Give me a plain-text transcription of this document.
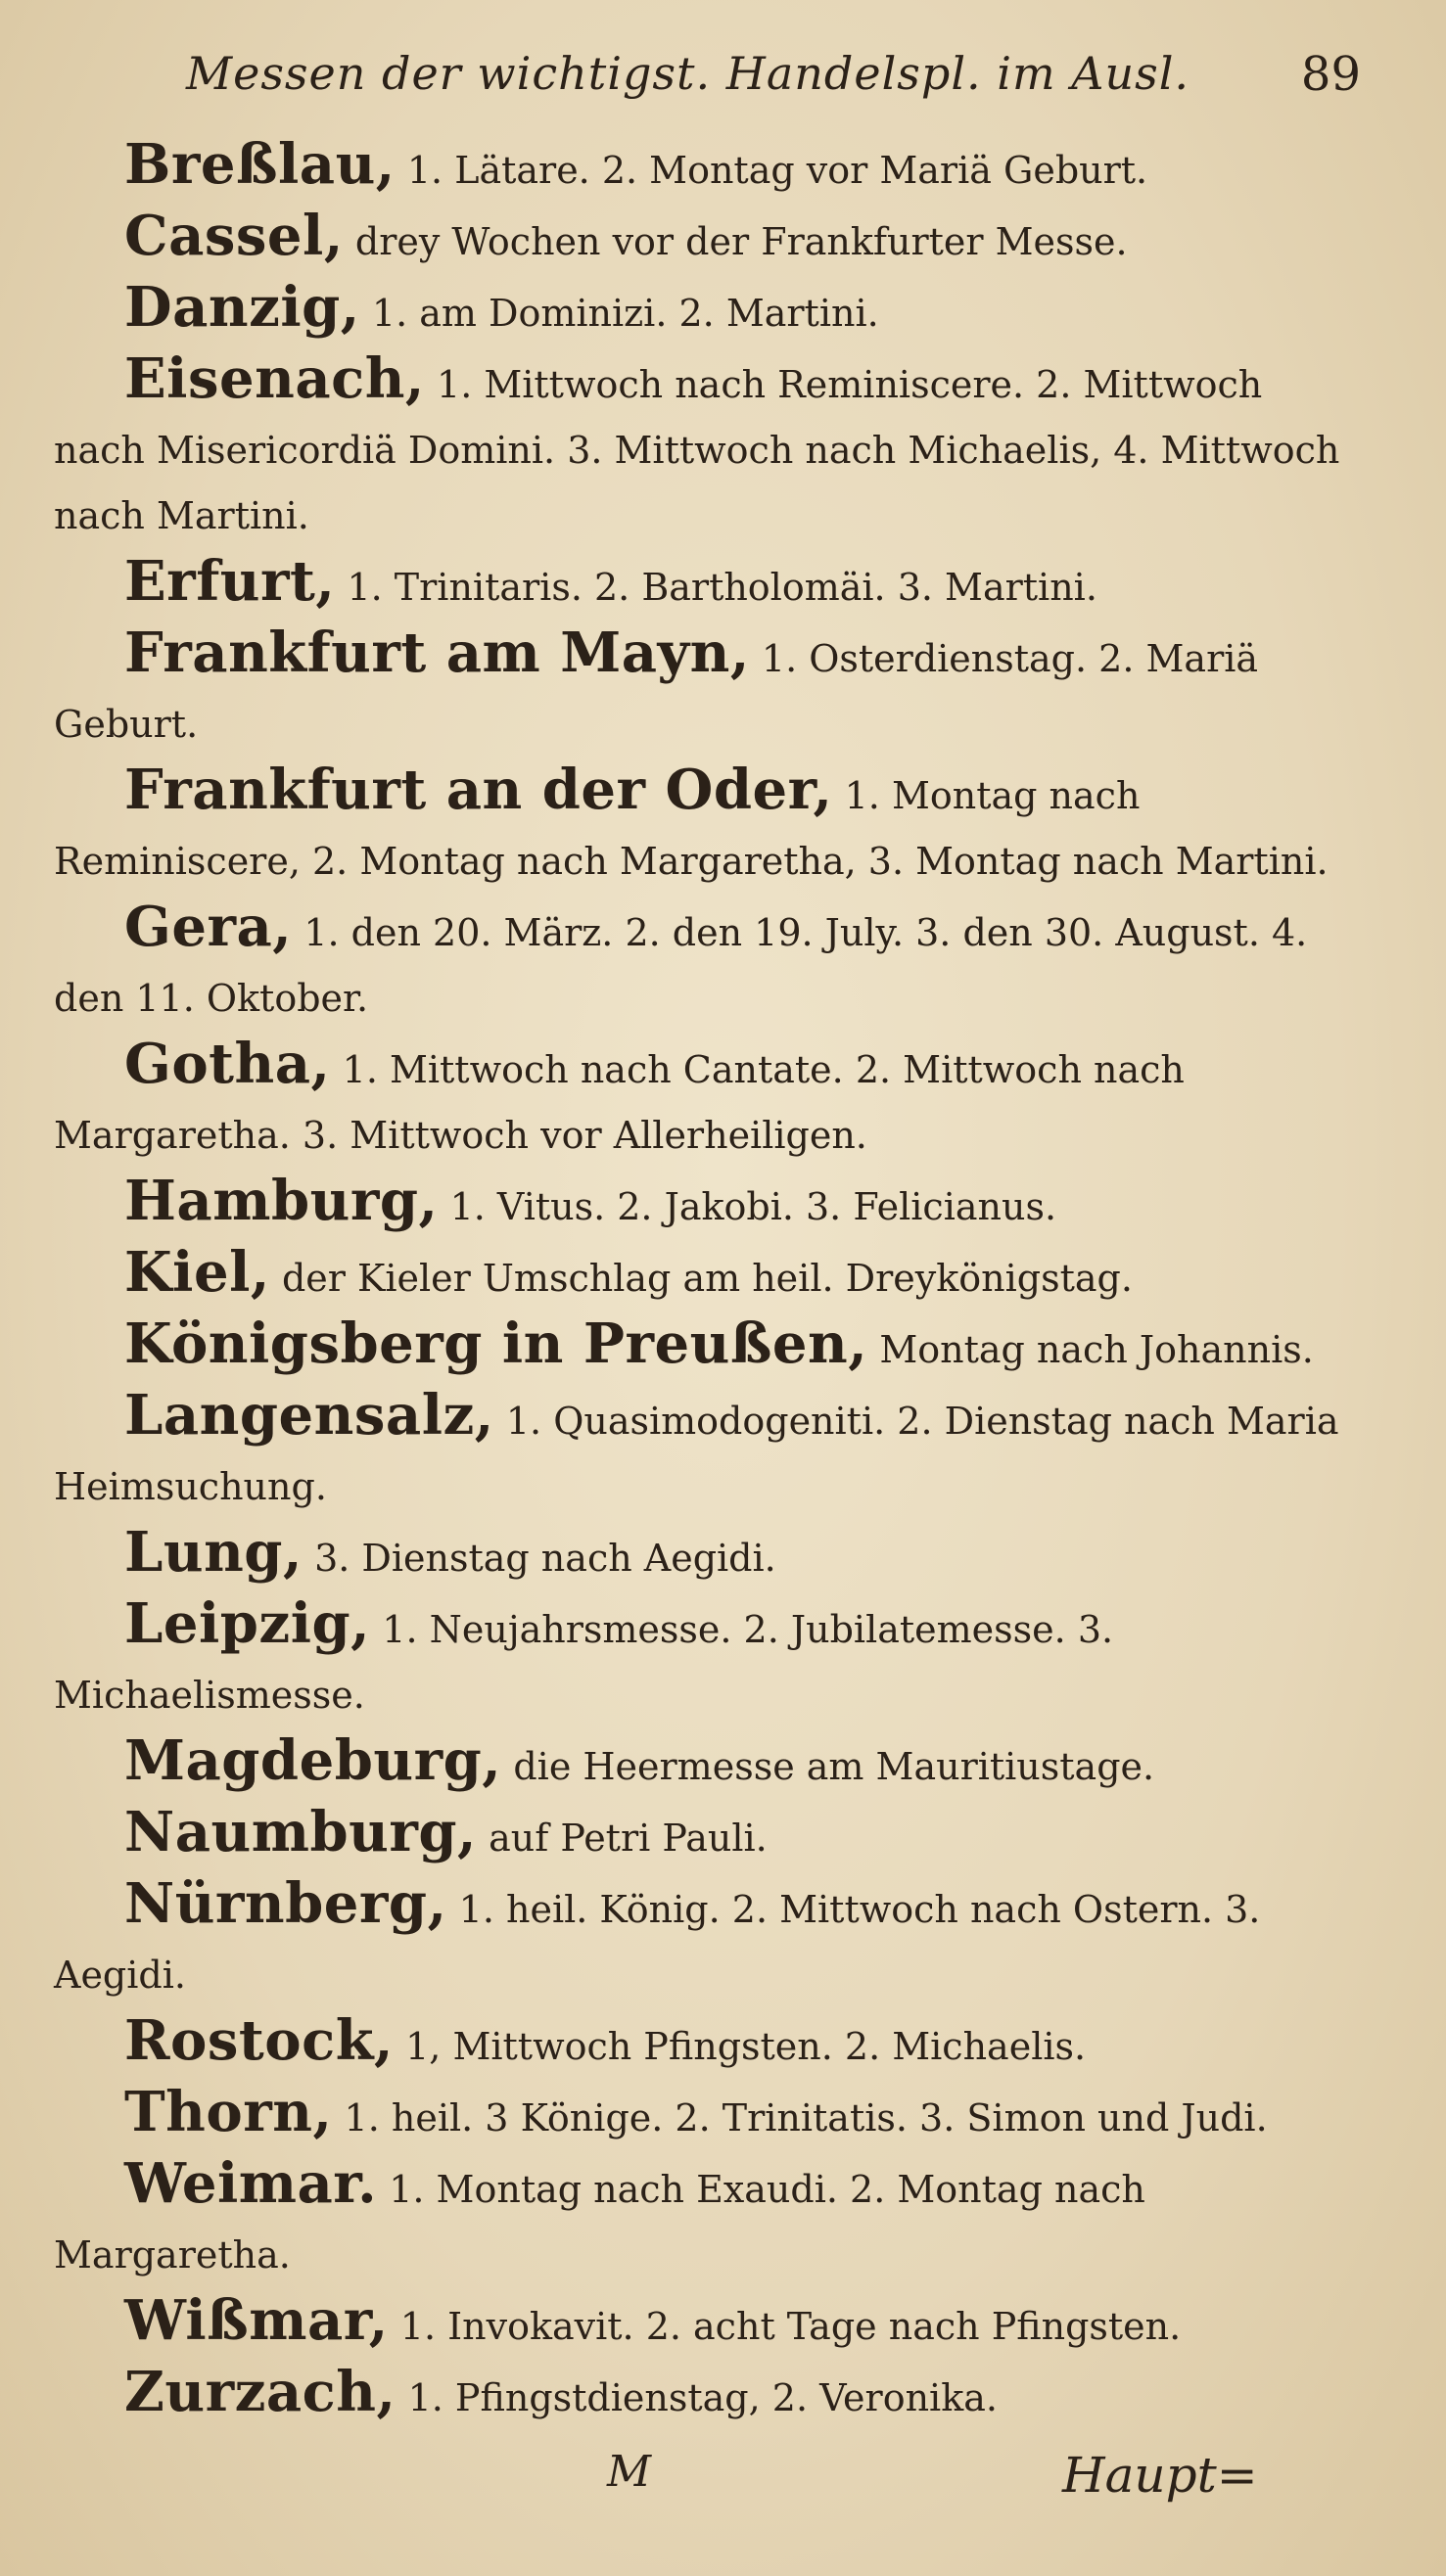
Messen der wichtigst. Handelspl. im Ausl. 89

Breßlau, 1. Lätare. 2. Montag vor Mariä Geburt.

Cassel, drey Wochen vor der Frankfurter Messe.

Danzig, 1. am Dominizi. 2. Martini.

Eisenach, 1. Mittwoch nach Reminiscere. 2. Mittwoch nach Misericordiä Domini. 3. Mittwoch nach Michaelis, 4. Mittwoch nach Martini.

Erfurt, 1. Trinitaris. 2. Bartholomäi. 3. Martini.

Frankfurt am Mayn, 1. Osterdienstag. 2. Mariä Geburt.

Frankfurt an der Oder, 1. Montag nach Reminiscere, 2. Montag nach Margaretha, 3. Montag nach Martini.

Gera, 1. den 20. März. 2. den 19. July. 3. den 30. August. 4. den 11. Oktober.

Gotha, 1. Mittwoch nach Cantate. 2. Mittwoch nach Margaretha. 3. Mittwoch vor Allerheiligen.

Hamburg, 1. Vitus. 2. Jakobi. 3. Felicianus.

Kiel, der Kieler Umschlag am heil. Dreykönigstag.

Königsberg in Preußen, Montag nach Johannis.

Langensalz, 1. Quasimodogeniti. 2. Dienstag nach Maria Heimsuchung.

Lung, 3. Dienstag nach Aegidi.

Leipzig, 1. Neujahrsmesse. 2. Jubilatemesse. 3. Michaelismesse.

Magdeburg, die Heermesse am Mauritiustage.

Naumburg, auf Petri Pauli.

Nürnberg, 1. heil. König. 2. Mittwoch nach Ostern. 3. Aegidi.

Rostock, 1, Mittwoch Pfingsten. 2. Michaelis.

Thorn, 1. heil. 3 Könige. 2. Trinitatis. 3. Simon und Judi.

Weimar. 1. Montag nach Exaudi. 2. Montag nach Margaretha.

Wißmar, 1. Invokavit. 2. acht Tage nach Pfingsten.

Zurzach, 1. Pfingstdienstag, 2. Veronika.

M	Haupt=
